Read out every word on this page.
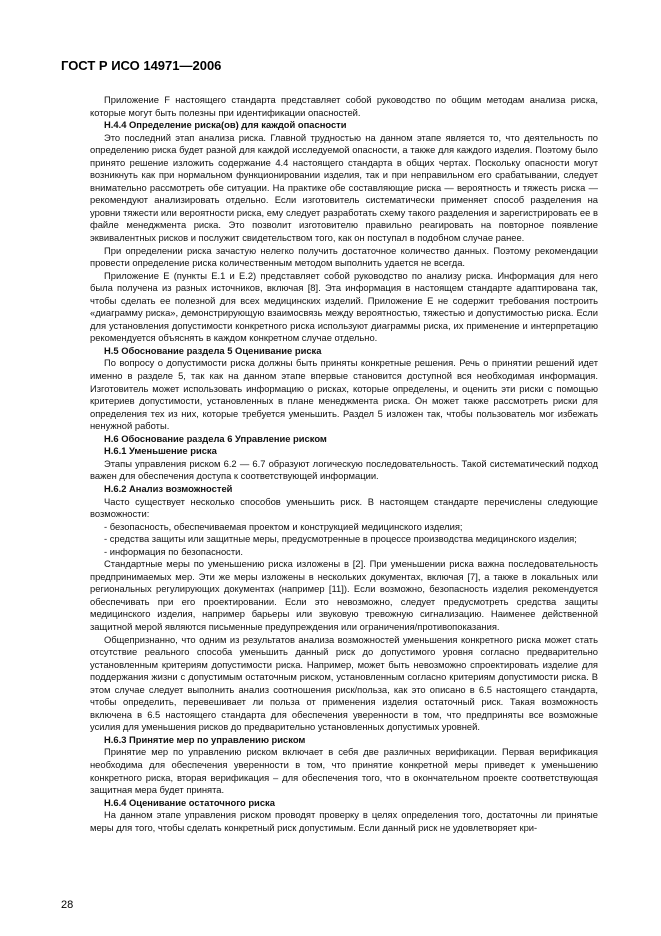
ГОСТ Р ИСО 14971—2006

Приложение F настоящего стандарта представляет собой руководство по общим методам анализа риска, которые могут быть полезны при идентификации опасностей.

Н.4.4 Определение риска(ов) для каждой опасности

Это последний этап анализа риска. Главной трудностью на данном этапе является то, что деятельность по определению риска будет разной для каждой исследуемой опасности, а также для каждого изделия. Поэтому было принято решение изложить содержание 4.4 настоящего стандарта в общих чертах. Поскольку опасности могут возникнуть как при нормальном функционировании изделия, так и при неправильном его срабатывании, следует внимательно рассмотреть обе ситуации. На практике обе составляющие риска — вероятность и тяжесть риска — рекомендуют анализировать отдельно. Если изготовитель систематически применяет способ разделения на уровни тяжести или вероятности риска, ему следует разработать схему такого разделения и зарегистрировать ее в файле менеджмента риска. Это позволит изготовителю правильно реагировать на повторное появление эквивалентных рисков и послужит свидетельством того, как он поступал в подобном случае ранее.

При определении риска зачастую нелегко получить достаточное количество данных. Поэтому рекомендации провести определение риска количественным методом выполнить удается не всегда.

Приложение Е (пункты Е.1 и Е.2) представляет собой руководство по анализу риска. Информация для него была получена из разных источников, включая [8]. Эта информация в настоящем стандарте адаптирована так, чтобы сделать ее полезной для всех медицинских изделий. Приложение Е не содержит требования построить «диаграмму риска», демонстрирующую взаимосвязь между вероятностью, тяжестью и допустимостью риска. Если для установления допустимости конкретного риска используют диаграммы риска, их применение и интерпретацию рекомендуется объяснять в каждом конкретном случае отдельно.

Н.5 Обоснование раздела 5 Оценивание риска

По вопросу о допустимости риска должны быть приняты конкретные решения. Речь о принятии решений идет именно в разделе 5, так как на данном этапе впервые становится доступной вся необходимая информация. Изготовитель может использовать информацию о рисках, которые определены, и оценить эти риски с помощью критериев допустимости, установленных в плане менеджмента риска. Он может также рассмотреть риски для определения тех из них, которые требуется уменьшить. Раздел 5 изложен так, чтобы пользователь мог избежать ненужной работы.

Н.6 Обоснование раздела 6 Управление риском

Н.6.1 Уменьшение риска

Этапы управления риском 6.2 — 6.7 образуют логическую последовательность. Такой систематический подход важен для обеспечения доступа к соответствующей информации.

Н.6.2 Анализ возможностей

Часто существует несколько способов уменьшить риск. В настоящем стандарте перечислены следующие возможности:

- безопасность, обеспечиваемая проектом и конструкцией медицинского изделия;

- средства защиты или защитные меры, предусмотренные в процессе производства медицинского изделия;

- информация по безопасности.

Стандартные меры по уменьшению риска изложены в [2]. При уменьшении риска важна последовательность предпринимаемых мер. Эти же меры изложены в нескольких документах, включая [7], а также в локальных или региональных регулирующих документах (например [11]). Если возможно, безопасность изделия рекомендуется обеспечивать при его проектировании. Если это невозможно, следует предусмотреть средства защиты медицинского изделия, например барьеры или звуковую тревожную сигнализацию. Наименее действенной защитной мерой являются письменные предупреждения или ограничения/противопоказания.

Общепризнанно, что одним из результатов анализа возможностей уменьшения конкретного риска может стать отсутствие реального способа уменьшить данный риск до допустимого уровня согласно предварительно установленным критериям допустимости риска. Например, может быть невозможно спроектировать изделие для поддержания жизни с допустимым остаточным риском, установленным согласно критериям допустимости риска. В этом случае следует выполнить анализ соотношения риск/польза, как это описано в 6.5 настоящего стандарта, чтобы определить, перевешивает ли польза от применения изделия остаточный риск. Такая возможность включена в 6.5 настоящего стандарта для обеспечения уверенности в том, что предприняты все возможные усилия для уменьшения рисков до предварительно установленных допустимых уровней.

Н.6.3 Принятие мер по управлению риском

Принятие мер по управлению риском включает в себя две различных верификации. Первая верификация необходима для обеспечения уверенности в том, что принятие конкретной меры приведет к уменьшению конкретного риска, вторая верификация – для обеспечения того, что в окончательном проекте соответствующая защитная мера будет принята.

Н.6.4 Оценивание остаточного риска

На данном этапе управления риском проводят проверку в целях определения того, достаточны ли принятые меры для того, чтобы сделать конкретный риск допустимым. Если данный риск не удовлетворяет кри-

28
